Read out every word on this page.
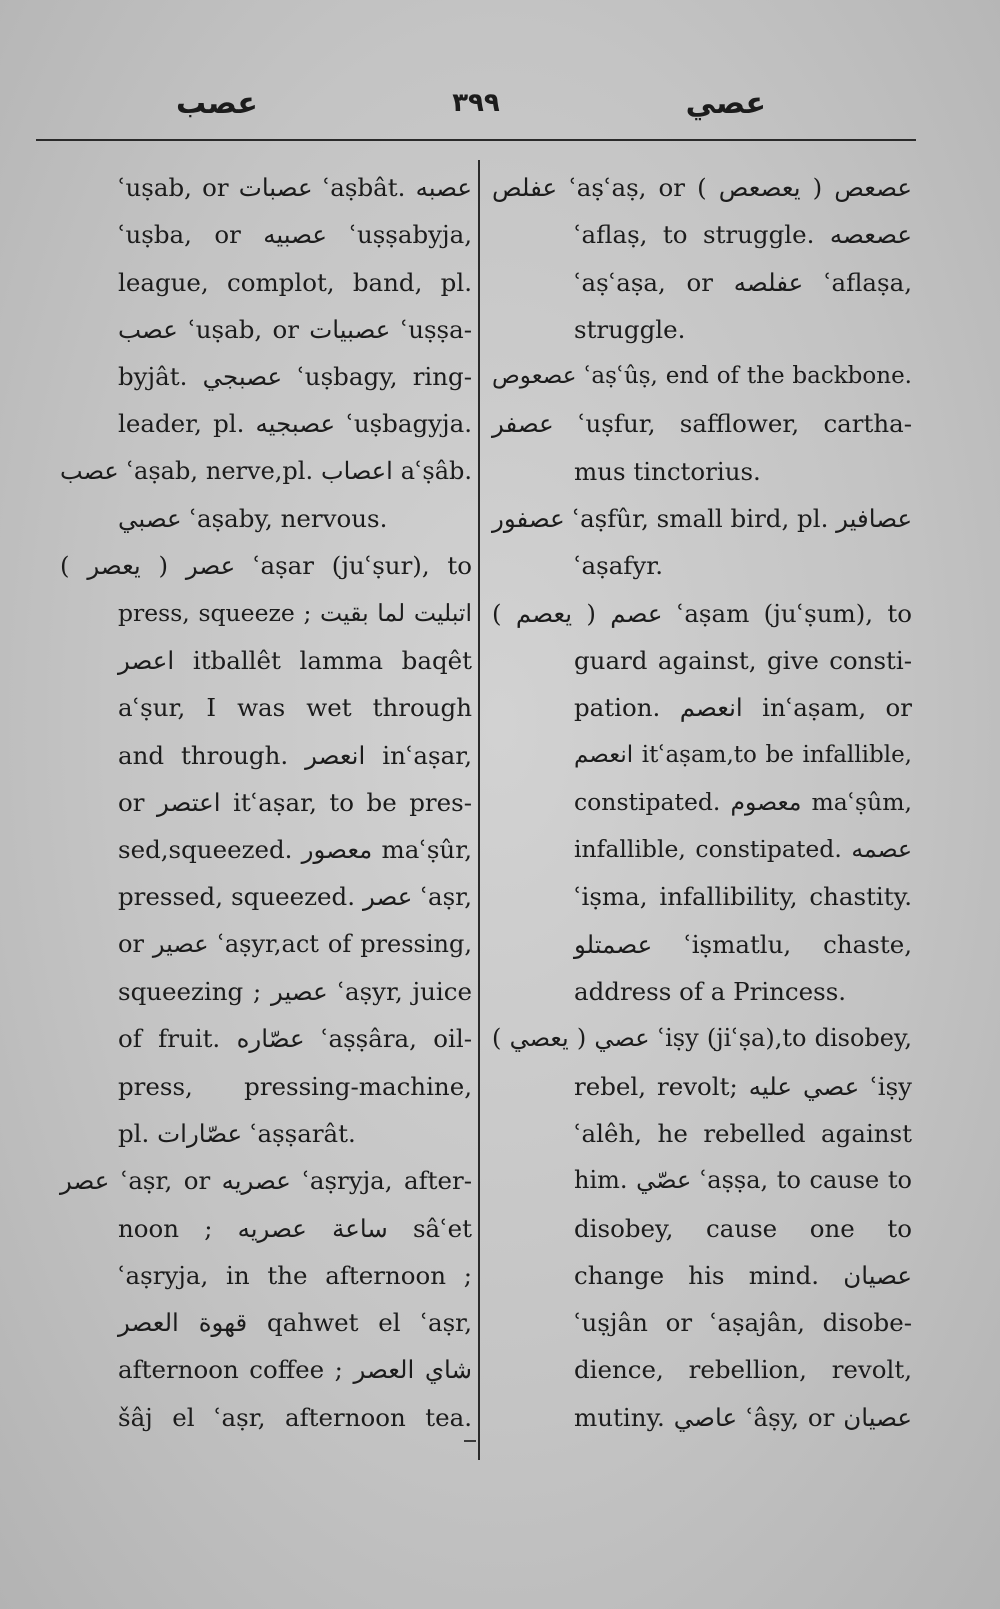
عصب	٣٩٩	عصي
ʿuṣab, or عصبات ʿaṣbât. عصبه
ʿuṣba, or عصبيه ʿuṣṣabyja,
league, complot, band, pl.
عصب ʿuṣab, or عصبيات ʿuṣṣa-
byjât. عصبجي ʿuṣbagy, ring-
leader, pl. عصبجيه ʿuṣbagyja.
عصب ʿaṣab, nerve,pl. اعصاب aʿṣâb.
عصبي ʿaṣaby, nervous.
عصر ( يعصر ) ʿaṣar (juʿṣur), to
press, squeeze ; اتبليت لما بقيت
اعصر itballêt lamma baqêt
aʿṣur, I was wet through
and through. انعصر inʿaṣar,
or اعتصر itʿaṣar, to be pres-
sed,squeezed. معصور maʿṣûr,
pressed, squeezed. عصر ʿaṣr,
or عصير ʿaṣyr,act of pressing,
squeezing ; عصير ʿaṣyr, juice
of fruit. عصّاره ʿaṣṣâra, oil-
press, pressing-machine,
pl. عصّارات ʿaṣṣarât.
عصر ʿaṣr, or عصريه ʿaṣryja, after-
noon ; ساعة عصريه sâʿet
ʿaṣryja, in the afternoon ;
قهوة العصر qahwet el ʿaṣr,
afternoon coffee ; شاي العصر
šâj el ʿaṣr, afternoon tea.
عفلص ʿaṣʿaṣ, or ( يعصعص ) عصعص
ʿaflaṣ, to struggle. عصعصه
ʿaṣʿaṣa, or عفلصه ʿaflaṣa,
struggle.
عصعوص ʿaṣʿûṣ, end of the backbone.
عصفر ʿuṣfur, safflower, cartha-
mus tinctorius.
عصفور ʿaṣfûr, small bird, pl. عصافير
ʿaṣafyr.
عصم ( يعصم ) ʿaṣam (juʿṣum), to
guard against, give consti-
pation. انعصم inʿaṣam, or
انعصم itʿaṣam,to be infallible,
constipated. معصوم maʿṣûm,
infallible, constipated. عصمه
ʿiṣma, infallibility, chastity.
عصمتلو ʿiṣmatlu, chaste,
address of a Princess.
عصي ( يعصي ) ʿiṣy (jiʿṣa),to disobey,
rebel, revolt; عصي عليه ʿiṣy
ʿalêh, he rebelled against
him. عصّي ʿaṣṣa, to cause to
disobey, cause one to
change his mind. عصيان
ʿuṣjân or ʿaṣajân, disobe-
dience, rebellion, revolt,
mutiny. عاصي ʿâṣy, or عصيان
